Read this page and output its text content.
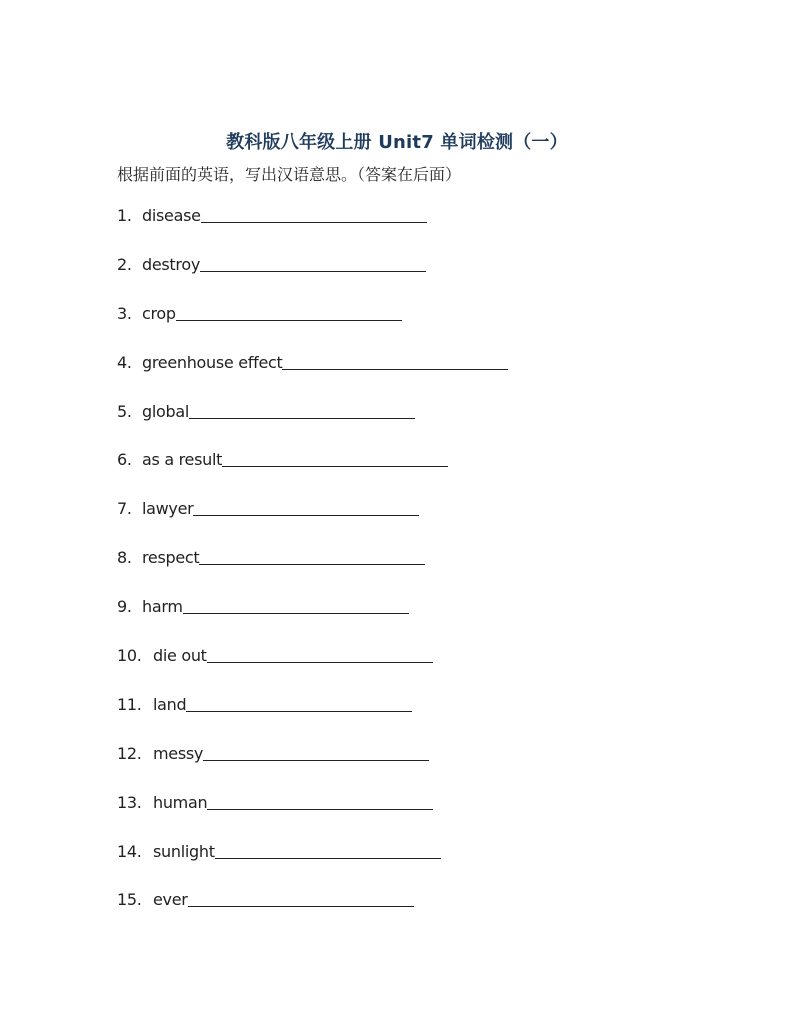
教科版八年级上册 Unit7 单词检测（一）
根据前面的英语，写出汉语意思。（答案在后面）
1. disease
2. destroy
3. crop
4. greenhouse effect
5. global
6. as a result
7. lawyer
8. respect
9. harm
10. die out
11. land
12. messy
13. human
14. sunlight
15. ever
